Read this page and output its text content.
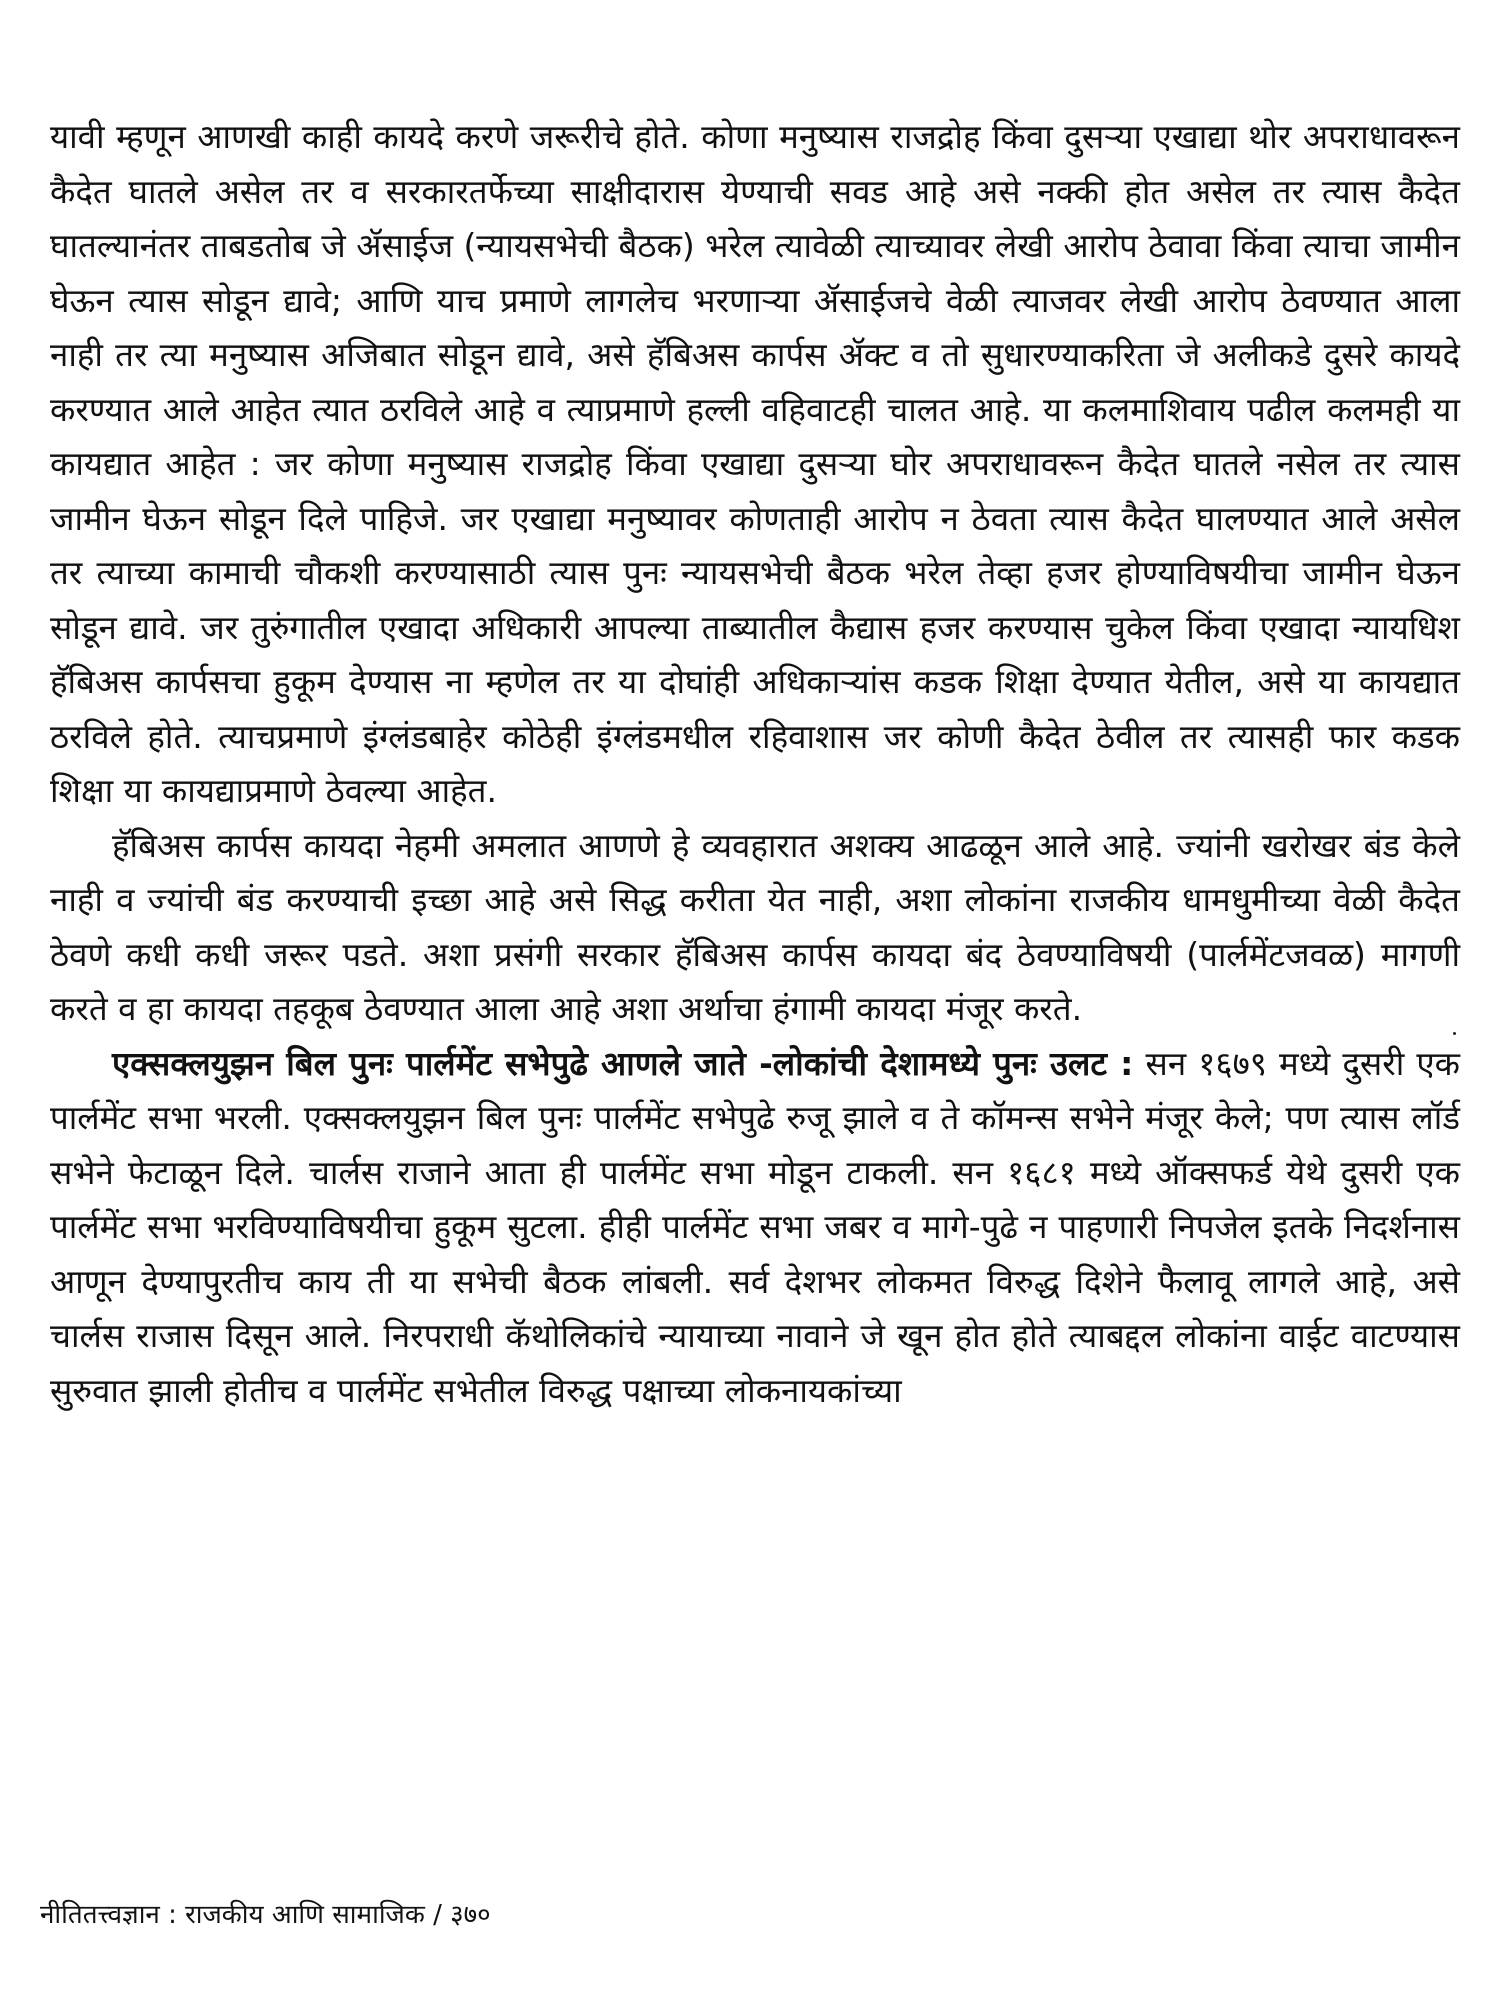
यावी म्हणून आणखी काही कायदे करणे जरूरीचे होते. कोणा मनुष्यास राजद्रोह किंवा दुसऱ्या एखाद्या थोर अपराधावरून कैदेत घातले असेल तर व सरकारतर्फेच्या साक्षीदारास येण्याची सवड आहे असे नक्की होत असेल तर त्यास कैदेत घातल्यानंतर ताबडतोब जे ॲसाईज (न्यायसभेची बैठक) भरेल त्यावेळी त्याच्यावर लेखी आरोप ठेवावा किंवा त्याचा जामीन घेऊन त्यास सोडून द्यावे; आणि याच प्रमाणे लागलेच भरणाऱ्या ॲसाईजचे वेळी त्याजवर लेखी आरोप ठेवण्यात आला नाही तर त्या मनुष्यास अजिबात सोडून द्यावे, असे हॅबिअस कार्पस ॲक्ट व तो सुधारण्याकरिता जे अलीकडे दुसरे कायदे करण्यात आले आहेत त्यात ठरविले आहे व त्याप्रमाणे हल्ली वहिवाटही चालत आहे. या कलमाशिवाय पढील कलमही या कायद्यात आहेत : जर कोणा मनुष्यास राजद्रोह किंवा एखाद्या दुसऱ्या घोर अपराधावरून कैदेत घातले नसेल तर त्यास जामीन घेऊन सोडून दिले पाहिजे. जर एखाद्या मनुष्यावर कोणताही आरोप न ठेवता त्यास कैदेत घालण्यात आले असेल तर त्याच्या कामाची चौकशी करण्यासाठी त्यास पुनः न्यायसभेची बैठक भरेल तेव्हा हजर होण्याविषयीचा जामीन घेऊन सोडून द्यावे. जर तुरुंगातील एखादा अधिकारी आपल्या ताब्यातील कैद्यास हजर करण्यास चुकेल किंवा एखादा न्यायधिश हॅबिअस कार्पसचा हुकूम देण्यास ना म्हणेल तर या दोघांही अधिकाऱ्यांस कडक शिक्षा देण्यात येतील, असे या कायद्यात ठरविले होते. त्याचप्रमाणे इंग्लंडबाहेर कोठेही इंग्लंडमधील रहिवाशास जर कोणी कैदेत ठेवील तर त्यासही फार कडक शिक्षा या कायद्याप्रमाणे ठेवल्या आहेत.

हॅबिअस कार्पस कायदा नेहमी अमलात आणणे हे व्यवहारात अशक्य आढळून आले आहे. ज्यांनी खरोखर बंड केले नाही व ज्यांची बंड करण्याची इच्छा आहे असे सिद्ध करीता येत नाही, अशा लोकांना राजकीय धामधुमीच्या वेळी कैदेत ठेवणे कधी कधी जरूर पडते. अशा प्रसंगी सरकार हॅबिअस कार्पस कायदा बंद ठेवण्याविषयी (पार्लमेंटजवळ) मागणी करते व हा कायदा तहकूब ठेवण्यात आला आहे अशा अर्थाचा हंगामी कायदा मंजूर करते.

एक्सक्लयुझन बिल पुनः पार्लमेंट सभेपुढे आणले जाते -लोकांची देशामध्ये पुनः उलट : सन १६७९ मध्ये दुसरी एक पार्लमेंट सभा भरली. एक्सक्लयुझन बिल पुनः पार्लमेंट सभेपुढे रुजू झाले व ते कॉमन्स सभेने मंजूर केले; पण त्यास लॉर्ड सभेने फेटाळून दिले. चार्लस राजाने आता ही पार्लमेंट सभा मोडून टाकली. सन १६८१ मध्ये ऑक्सफर्ड येथे दुसरी एक पार्लमेंट सभा भरविण्याविषयीचा हुकूम सुटला. हीही पार्लमेंट सभा जबर व मागे-पुढे न पाहणारी निपजेल इतके निदर्शनास आणून देण्यापुरतीच काय ती या सभेची बैठक लांबली. सर्व देशभर लोकमत विरुद्ध दिशेने फैलावू लागले आहे, असे चार्लस राजास दिसून आले. निरपराधी कॅथोलिकांचे न्यायाच्या नावाने जे खून होत होते त्याबद्दल लोकांना वाईट वाटण्यास सुरुवात झाली होतीच व पार्लमेंट सभेतील विरुद्ध पक्षाच्या लोकनायकांच्या

नीतितत्त्वज्ञान : राजकीय आणि सामाजिक / ३७०
